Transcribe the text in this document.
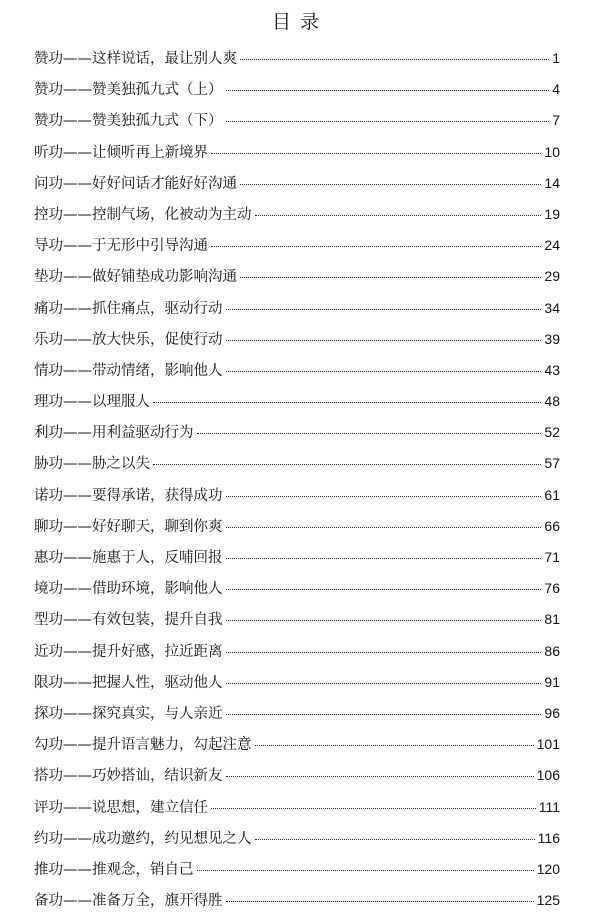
目录
赞功——这样说话，最让别人爽	1
赞功——赞美独孤九式（上）	4
赞功——赞美独孤九式（下）	7
听功——让倾听再上新境界	10
问功——好好问话才能好好沟通	14
控功——控制气场，化被动为主动	19
导功——于无形中引导沟通	24
垫功——做好铺垫成功影响沟通	29
痛功——抓住痛点，驱动行动	34
乐功——放大快乐，促使行动	39
情功——带动情绪，影响他人	43
理功——以理服人	48
利功——用利益驱动行为	52
胁功——胁之以失	57
诺功——要得承诺，获得成功	61
聊功——好好聊天，聊到你爽	66
惠功——施惠于人，反哺回报	71
境功——借助环境，影响他人	76
型功——有效包装，提升自我	81
近功——提升好感，拉近距离	86
限功——把握人性，驱动他人	91
探功——探究真实，与人亲近	96
勾功——提升语言魅力，勾起注意	101
搭功——巧妙搭讪，结识新友	106
评功——说思想，建立信任	111
约功——成功邀约，约见想见之人	116
推功——推观念，销自己	120
备功——准备万全，旗开得胜	125
